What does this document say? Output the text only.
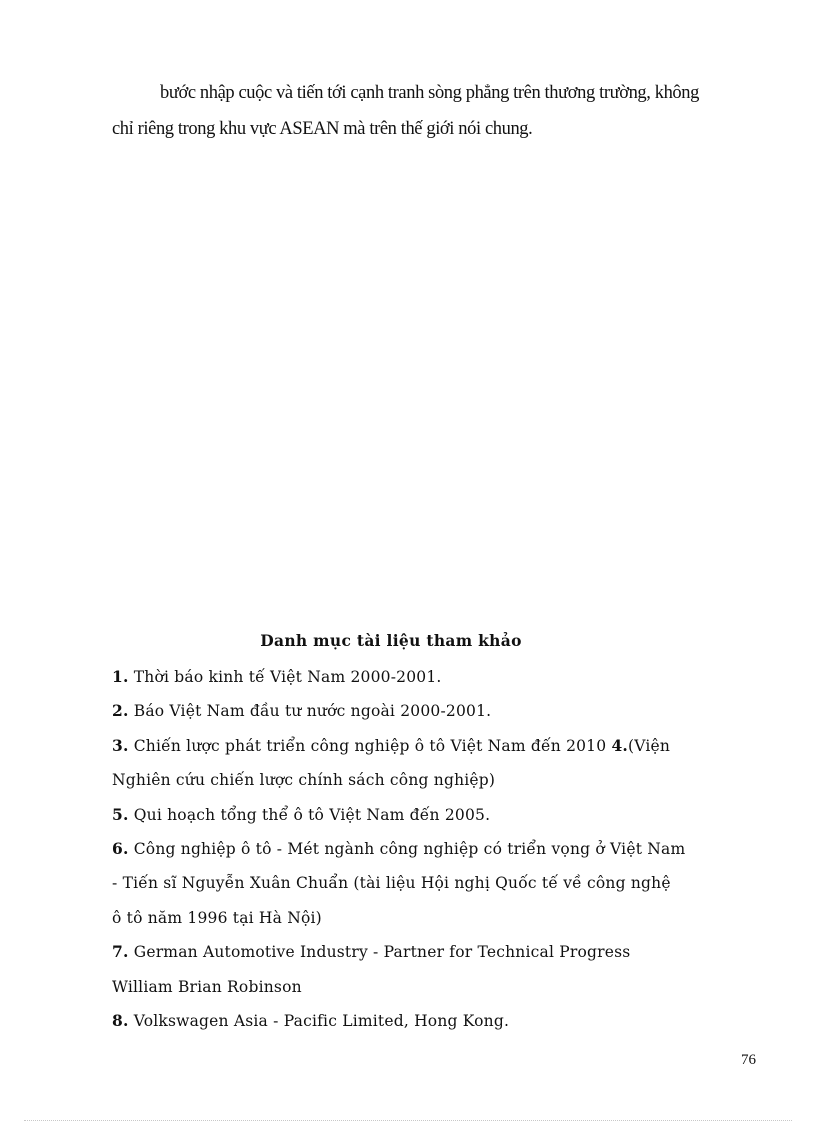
bước nhập cuộc và tiến tới cạnh tranh sòng phẳng trên thương trường, không
chỉ riêng trong khu vực ASEAN mà trên thế giới nói chung.

Danh mục tài liệu tham khảo
1. Thời báo kinh tế Việt Nam 2000-2001.
2. Báo Việt Nam đầu tư nước ngoài 2000-2001.
3. Chiến lược phát triển công nghiệp ô tô Việt Nam đến 2010 4.(Viện
Nghiên cứu chiến lược chính sách công nghiệp)
5. Qui hoạch tổng thể ô tô Việt Nam đến 2005.
6. Công nghiệp ô tô - Mét ngành công nghiệp có triển vọng ở Việt Nam
- Tiến sĩ Nguyễn Xuân Chuẩn (tài liệu Hội nghị Quốc tế về công nghệ
ô tô năm 1996 tại Hà Nội)
7. German Automotive Industry - Partner for Technical Progress
William Brian Robinson
8. Volkswagen Asia - Pacific Limited, Hong Kong.
76
